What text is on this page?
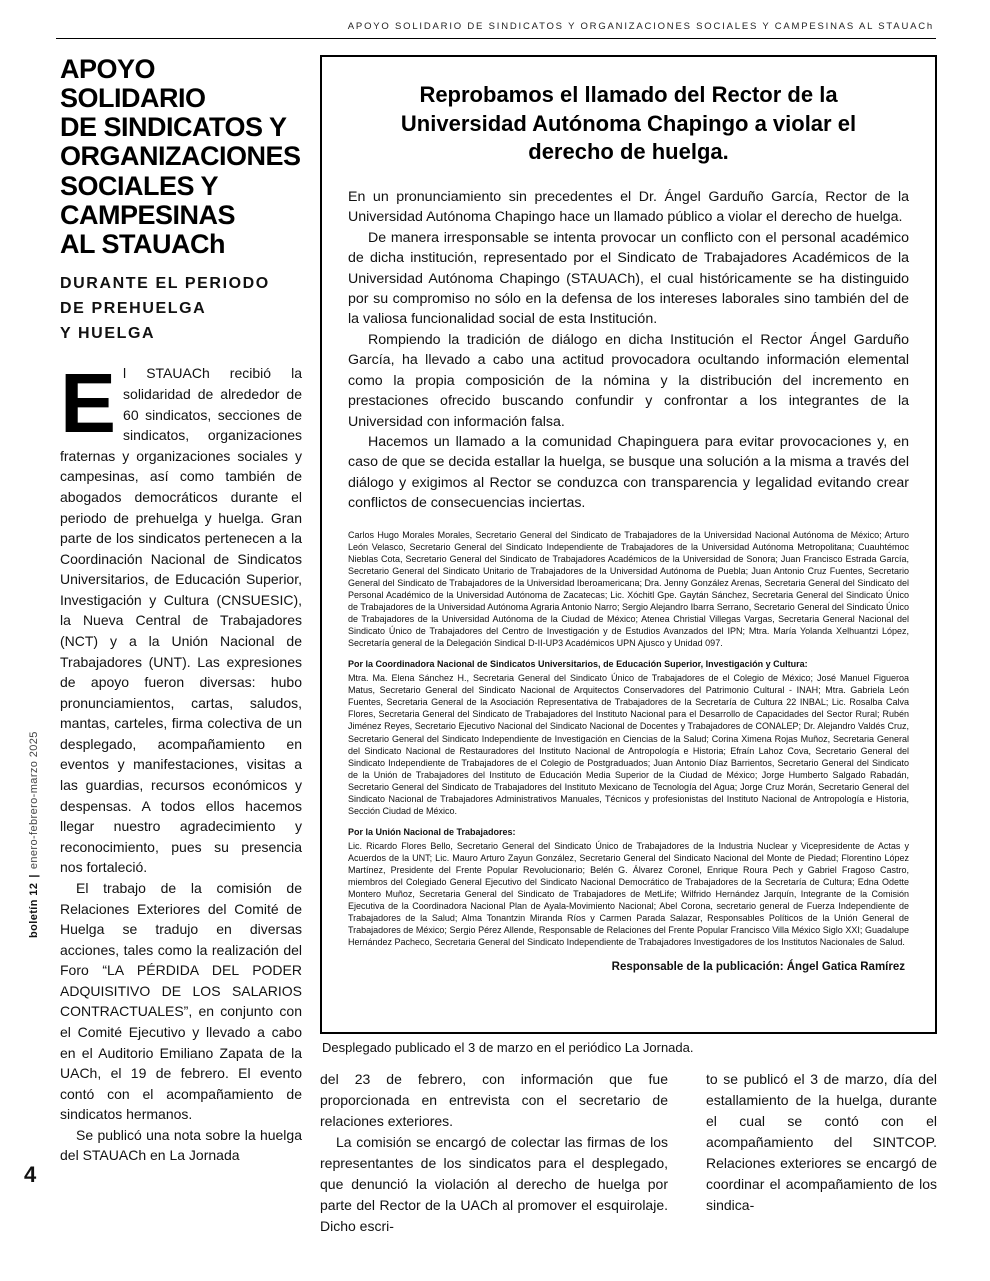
APOYO SOLIDARIO DE SINDICATOS Y ORGANIZACIONES SOCIALES Y CAMPESINAS AL STAUACh
boletín 12|enero-febrero-marzo 2025
4
APOYO SOLIDARIO
DE SINDICATOS Y
ORGANIZACIONES
SOCIALES Y
CAMPESINAS
AL STAUACh
DURANTE EL PERIODO
DE PREHUELGA
Y HUELGA

El STAUACh recibió la solidaridad de alrededor de 60 sindicatos, secciones de sindicatos, organizaciones fraternas y organizaciones sociales y campesinas, así como también de abogados democráticos durante el periodo de prehuelga y huelga. Gran parte de los sindicatos pertenecen a la Coordinación Nacional de Sindicatos Universitarios, de Educación Superior, Investigación y Cultura (CNSUESIC), la Nueva Central de Trabajadores (NCT) y a la Unión Nacional de Trabajadores (UNT). Las expresiones de apoyo fueron diversas: hubo pronunciamientos, cartas, saludos, mantas, carteles, firma colectiva de un desplegado, acompañamiento en eventos y manifestaciones, visitas a las guardias, recursos económicos y despensas. A todos ellos hacemos llegar nuestro agradecimiento y reconocimiento, pues su presencia nos fortaleció.

El trabajo de la comisión de Relaciones Exteriores del Comité de Huelga se tradujo en diversas acciones, tales como la realización del Foro “LA PÉRDIDA DEL PODER ADQUISITIVO DE LOS SALARIOS CONTRACTUALES”, en conjunto con el Comité Ejecutivo y llevado a cabo en el Auditorio Emiliano Zapata de la UACh, el 19 de febrero. El evento contó con el acompañamiento de sindicatos hermanos.

Se publicó una nota sobre la huelga del STAUACh en La Jornada

Reprobamos el llamado del Rector de la Universidad Autónoma Chapingo a violar el derecho de huelga.

En un pronunciamiento sin precedentes el Dr. Ángel Garduño García, Rector de la Universidad Autónoma Chapingo hace un llamado público a violar el derecho de huelga.

De manera irresponsable se intenta provocar un conflicto con el personal académico de dicha institución, representado por el Sindicato de Trabajadores Académicos de la Universidad Autónoma Chapingo (STAUACh), el cual históricamente se ha distinguido por su compromiso no sólo en la defensa de los intereses laborales sino también del de la valiosa funcionalidad social de esta Institución.

Rompiendo la tradición de diálogo en dicha Institución el Rector Ángel Garduño García, ha llevado a cabo una actitud provocadora ocultando información elemental como la propia composición de la nómina y la distribución del incremento en prestaciones ofrecido buscando confundir y confrontar a los integrantes de la Universidad con información falsa.

Hacemos un llamado a la comunidad Chapinguera para evitar provocaciones y, en caso de que se decida estallar la huelga, se busque una solución a la misma a través del diálogo y exigimos al Rector se conduzca con transparencia y legalidad evitando crear conflictos de consecuencias inciertas.

Carlos Hugo Morales Morales, Secretario General del Sindicato de Trabajadores de la Universidad Nacional Autónoma de México; Arturo León Velasco, Secretario General del Sindicato Independiente de Trabajadores de la Universidad Autónoma Metropolitana; Cuauhtémoc Nieblas Cota, Secretario General del Sindicato de Trabajadores Académicos de la Universidad de Sonora; Juan Francisco Estrada García, Secretario General del Sindicato Unitario de Trabajadores de la Universidad Autónoma de Puebla; Juan Antonio Cruz Fuentes, Secretario General del Sindicato de Trabajadores de la Universidad Iberoamericana; Dra. Jenny González Arenas, Secretaria General del Sindicato del Personal Académico de la Universidad Autónoma de Zacatecas; Lic. Xóchitl Gpe. Gaytán Sánchez, Secretaria General del Sindicato Único de Trabajadores de la Universidad Autónoma Agraria Antonio Narro; Sergio Alejandro Ibarra Serrano, Secretario General del Sindicato Único de Trabajadores de la Universidad Autónoma de la Ciudad de México; Atenea Christial Villegas Vargas, Secretaria General Nacional del Sindicato Único de Trabajadores del Centro de Investigación y de Estudios Avanzados del IPN; Mtra. María Yolanda Xelhuantzi López, Secretaría general de la Delegación Sindical D-II-UP3 Académicos UPN Ajusco y Unidad 097.

Por la Coordinadora Nacional de Sindicatos Universitarios, de Educación Superior, Investigación y Cultura:

Mtra. Ma. Elena Sánchez H., Secretaria General del Sindicato Único de Trabajadores de el Colegio de México; José Manuel Figueroa Matus, Secretario General del Sindicato Nacional de Arquitectos Conservadores del Patrimonio Cultural - INAH; Mtra. Gabriela León Fuentes, Secretaria General de la Asociación Representativa de Trabajadores de la Secretaría de Cultura 22 INBAL; Lic. Rosalba Calva Flores, Secretaria General del Sindicato de Trabajadores del Instituto Nacional para el Desarrollo de Capacidades del Sector Rural; Rubén Jiménez Reyes, Secretario Ejecutivo Nacional del Sindicato Nacional de Docentes y Trabajadores de CONALEP; Dr. Alejandro Valdés Cruz, Secretario General del Sindicato Independiente de Investigación en Ciencias de la Salud; Corina Ximena Rojas Muñoz, Secretaria General del Sindicato Nacional de Restauradores del Instituto Nacional de Antropología e Historia; Efraín Lahoz Cova, Secretario General del Sindicato Independiente de Trabajadores de el Colegio de Postgraduados; Juan Antonio Díaz Barrientos, Secretario General del Sindicato de la Unión de Trabajadores del Instituto de Educación Media Superior de la Ciudad de México; Jorge Humberto Salgado Rabadán, Secretario General del Sindicato de Trabajadores del Instituto Mexicano de Tecnología del Agua; Jorge Cruz Morán, Secretario General del Sindicato Nacional de Trabajadores Administrativos Manuales, Técnicos y profesionistas del Instituto Nacional de Antropología e Historia, Sección Ciudad de México.

Por la Unión Nacional de Trabajadores:

Lic. Ricardo Flores Bello, Secretario General del Sindicato Único de Trabajadores de la Industria Nuclear y Vicepresidente de Actas y Acuerdos de la UNT; Lic. Mauro Arturo Zayun González, Secretario General del Sindicato Nacional del Monte de Piedad; Florentino López Martínez, Presidente del Frente Popular Revolucionario; Belén G. Álvarez Coronel, Enrique Roura Pech y Gabriel Fragoso Castro, miembros del Colegiado General Ejecutivo del Sindicato Nacional Democrático de Trabajadores de la Secretaría de Cultura; Edna Odette Montero Muñoz, Secretaria General del Sindicato de Trabajadores de MetLife; Wilfrido Hernández Jarquín, Integrante de la Comisión Ejecutiva de la Coordinadora Nacional Plan de Ayala-Movimiento Nacional; Abel Corona, secretario general de Fuerza Independiente de Trabajadores de la Salud; Alma Tonantzin Miranda Ríos y Carmen Parada Salazar, Responsables Políticos de la Unión General de Trabajadores de México; Sergio Pérez Allende, Responsable de Relaciones del Frente Popular Francisco Villa México Siglo XXI; Guadalupe Hernández Pacheco, Secretaria General del Sindicato Independiente de Trabajadores Investigadores de los Institutos Nacionales de Salud.

Responsable de la publicación: Ángel Gatica Ramírez
Desplegado publicado el 3 de marzo en el periódico La Jornada.

del 23 de febrero, con información que fue proporcionada en entrevista con el secretario de relaciones exteriores.

La comisión se encargó de colectar las firmas de los representantes de los sindicatos para el desplegado, que denunció la violación al derecho de huelga por parte del Rector de la UACh al promover el esquirolaje. Dicho escri-

to se publicó el 3 de marzo, día del estallamiento de la huelga, durante el cual se contó con el acompañamiento del SINTCOP. Relaciones exteriores se encargó de coordinar el acompañamiento de los sindica-
